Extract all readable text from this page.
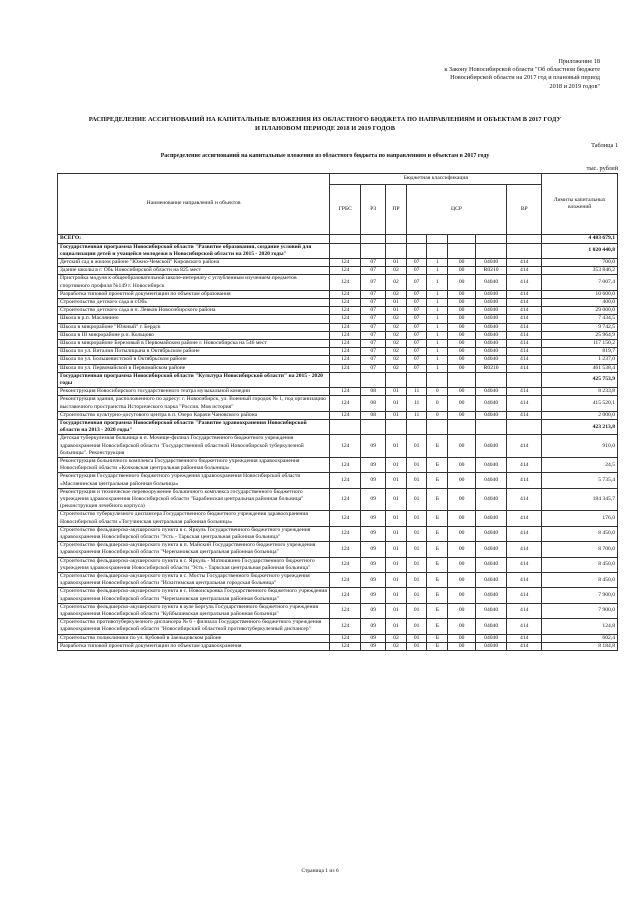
Приложение 18
к Закону Новосибирской области "Об областном бюджете
Новосибирской области на 2017 год и плановый период
2018 и 2019 годов"
РАСПРЕДЕЛЕНИЕ АССИГНОВАНИЙ НА КАПИТАЛЬНЫЕ ВЛОЖЕНИЯ ИЗ ОБЛАСТНОГО БЮДЖЕТА ПО НАПРАВЛЕНИЯМ И ОБЪЕКТАМ В 2017 ГОДУ
И ПЛАНОВОМ ПЕРИОДЕ 2018 И 2019 ГОДОВ
Таблица 1
Распределение ассигнований на капитальные вложения из областного бюджета по направлениям и объектам в 2017 году
тыс. рублей
Наименование направлений и объектов	Бюджетная классификация								Лимиты капитальных вложений
	ГРБС	РЗ	ПР	ЦСР				ВР	
ВСЕГО:									4 483 679,1
Государственная программа Новосибирской области "Развитие образования, создание условий для социализации детей и учащейся молодежи в Новосибирской области на 2015 - 2020 годы"									1 020 440,8
Детский сад в жилом районе "Южно-Чемской" Кировского района	124	07	01	07	1	00	04040	414	700,0
Здание школы в г. Обь Новосибирской области на 825 мест	124	07	02	07	1	00	R0210	414	353 846,2
Пристройка модуля к общеобразовательной школе-интернату с углубленным изучением предметов спортивного профиля №149 г. Новосибирск	124	07	02	07	1	00	04040	414	7 007,4
Разработка типовой проектной документации по объектам образования	124	07	02	07	1	00	04040	414	10 600,0
Строительство детского сада в г.Обь	124	07	01	07	1	00	04040	414	400,0
Строительство детского сада в п. Левков Новосибирского района	124	07	01	07	1	00	04040	414	29 000,0
Школа в р.п. Маслянино	124	07	02	07	1	00	04040	414	7 434,5
Школа в микрорайоне "Южный" г. Бердск	124	07	02	07	1	00	04040	414	9 742,5
Школа в III микрорайоне р.п. Кольцово	124	07	02	07	1	00	04040	414	25 964,9
Школа в микрорайоне Березовый в Первомайском районе г. Новосибирска на 546 мест	124	07	02	07	1	00	04040	414	117 150,2
Школа по ул. Виталия Потылицына в Октябрьском районе	124	07	02	07	1	00	04040	414	819,7
Школа по ул. Большевистской в Октябрьском районе	124	07	02	07	1	00	04040	414	1 237,0
Школа по ул. Первомайской в Первомайском районе	124	07	02	07	1	00	R0210	414	461 538,4
Государственная программа Новосибирской области "Культура Новосибирской области" на 2015 - 2020 годы									425 753,9
Реконструкция Новосибирского государственного театра музыкальной комедии	124	08	01	11	0	00	04040	414	8 233,8
Реконструкция здания, расположенного по адресу: г. Новосибирск, ул. Военный городок № 1, под организацию выставочного пространства Исторического парка "Россия. Моя история"	124	08	01	11	0	00	04040	414	415 520,1
Строительство культурно-досугового центра в п. Озеро Карачи Чановского района	124	08	01	11	0	00	04040	414	2 000,0
Государственная программа Новосибирской области "Развитие здравоохранения Новосибирской области на 2013 - 2020 годы"									423 213,8
Детская туберкулезная больница в п. Мочище-филиал Государственного бюджетного учреждения здравоохранения Новосибирской области "Государственной областной Новосибирской туберкулезной больницы". Реконструкция	124	09	01	01	Б	00	04040	414	910,0
Реконструкция больничного комплекса Государственного бюджетного учреждения здравоохранения Новосибирской области «Кочковская центральная районная больница»	124	09	01	01	Б	00	04040	414	24,5
Реконструкция Государственного бюджетного учреждения здравоохранения Новосибирской области «Маслянинская центральная районная больница»	124	09	01	01	Б	00	04040	414	5 735,4
Реконструкция и техническое перевооружение больничного комплекса государственного бюджетного учреждения здравоохранения Новосибирской области "Барабинская центральная районная больница" (реконструкция лечебного корпуса)	124	09	01	01	Б	00	04040	414	184 345,7
Строительство туберкулезного диспансера Государственного бюджетного учреждения здравоохранения Новосибирской области «Тогучинская центральная районная больница»	124	09	01	01	Б	00	04040	414	176,0
Строительство фельдшерско-акушерского пункта в с. Яркуль Государственного бюджетного учреждения здравоохранения Новосибирской области "Усть - Таркская центральная районная больница"	124	09	01	01	Б	00	04040	414	8 450,0
Строительство фельдшерско-акушерского пункта в п. Майский Государственного бюджетного учреждения здравоохранения Новосибирской области "Черепановская центральная районная больница"	124	09	01	01	Б	00	04040	414	8 700,0
Строительство фельдшерско-акушерского пункта в с. Яркуль - Матюшкино Государственного бюджетного учреждения здравоохранения Новосибирской области "Усть - Таркская центральная районная больница"	124	09	01	01	Б	00	04040	414	8 450,0
Строительство фельдшерско-акушерского пункта в с. Мосты Государственного бюджетного учреждения здравоохранения Новосибирской области "Искитимская центральная городская больница"	124	09	01	01	Б	00	04040	414	8 450,0
Строительство фельдшерско-акушерского пункта в с. Новоискровка Государственного бюджетного учреждения здравоохранения Новосибирской области "Черепановская центральная районная больница"	124	09	01	01	Б	00	04040	414	7 900,0
Строительство фельдшерско-акушерского пункта в ауле Бергуль Государственного бюджетного учреждения здравоохранения Новосибирской области "Куйбышевская центральная районная больница"	124	09	01	01	Б	00	04040	414	7 900,0
Строительство противотуберкулезного диспансера № 6 - филиала Государственного бюджетного учреждения здравоохранения Новосибирской области "Новосибирский областной противотуберкулезный диспансер"	124	09	01	01	Б	00	04040	414	124,8
Строительство поликлиники по ул. Кубовой в Заельцовском районе	124	09	02	01	Б	00	04040	414	602,4
Разработка типовой проектной документации по объектам здравоохранения	124	09	02	01	Б	00	04040	414	8 184,8
Страница 1 из 6
